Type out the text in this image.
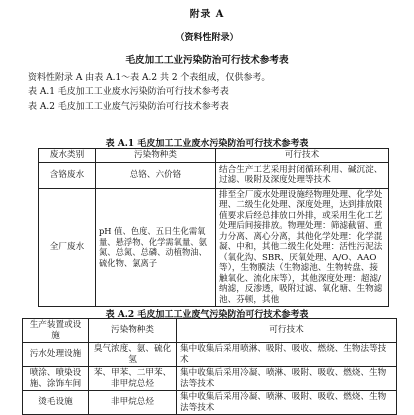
附录 A
（资料性附录）
毛皮加工工业污染防治可行技术参考表
资料性附录 A 由表 A.1～表 A.2 共 2 个表组成，仅供参考。
表 A.1 毛皮加工工业废水污染防治可行技术参考表
表 A.2 毛皮加工工业废气污染防治可行技术参考表
表 A.1 毛皮加工工业废水污染防治可行技术参考表
废水类别	污染物种类	可行技术
含铬废水	总铬、六价铬	结合生产工艺采用封闭循环利用、碱沉淀、过滤、吸附及深度处理等技术
全厂废水	pH 值、色度、五日生化需氧量、悬浮物、化学需氧量、氨氮、总氮、总磷、动植物油、硫化物、氯离子	排至全厂废水处理设施经物理处理、化学处理、二级生化处理、深度处理，达到排放限值要求后经总排放口外排，或采用生化工艺处理后间接排放。物理处理：筛滤截留、重力分离、离心分离，其他化学处理：化学混凝、中和，其他二级生化处理：活性污泥法（氧化沟、SBR、厌氧处理、A/O、AAO 等），生物膜法（生物滤池、生物转盘、接触氧化、流化床等），其他深度处理：超滤/纳滤，反渗透，吸附过滤、氧化塘、生物滤池、芬顿，其他
表 A.2 毛皮加工工业废气污染防治可行技术参考表
生产装置或设施	污染物种类	可行技术
污水处理设施	臭气浓度、氨、硫化氢	集中收集后采用喷淋、吸附、吸收、燃烧、生物法等技术
喷涂、喷染设施、涂饰车间	苯、甲苯、二甲苯、非甲烷总烃	集中收集后采用冷凝、喷淋、吸附、吸收、燃烧、生物法等技术
烫毛设施	非甲烷总烃	集中收集后采用冷凝、喷淋、吸附、吸收、燃烧、生物法等技术
